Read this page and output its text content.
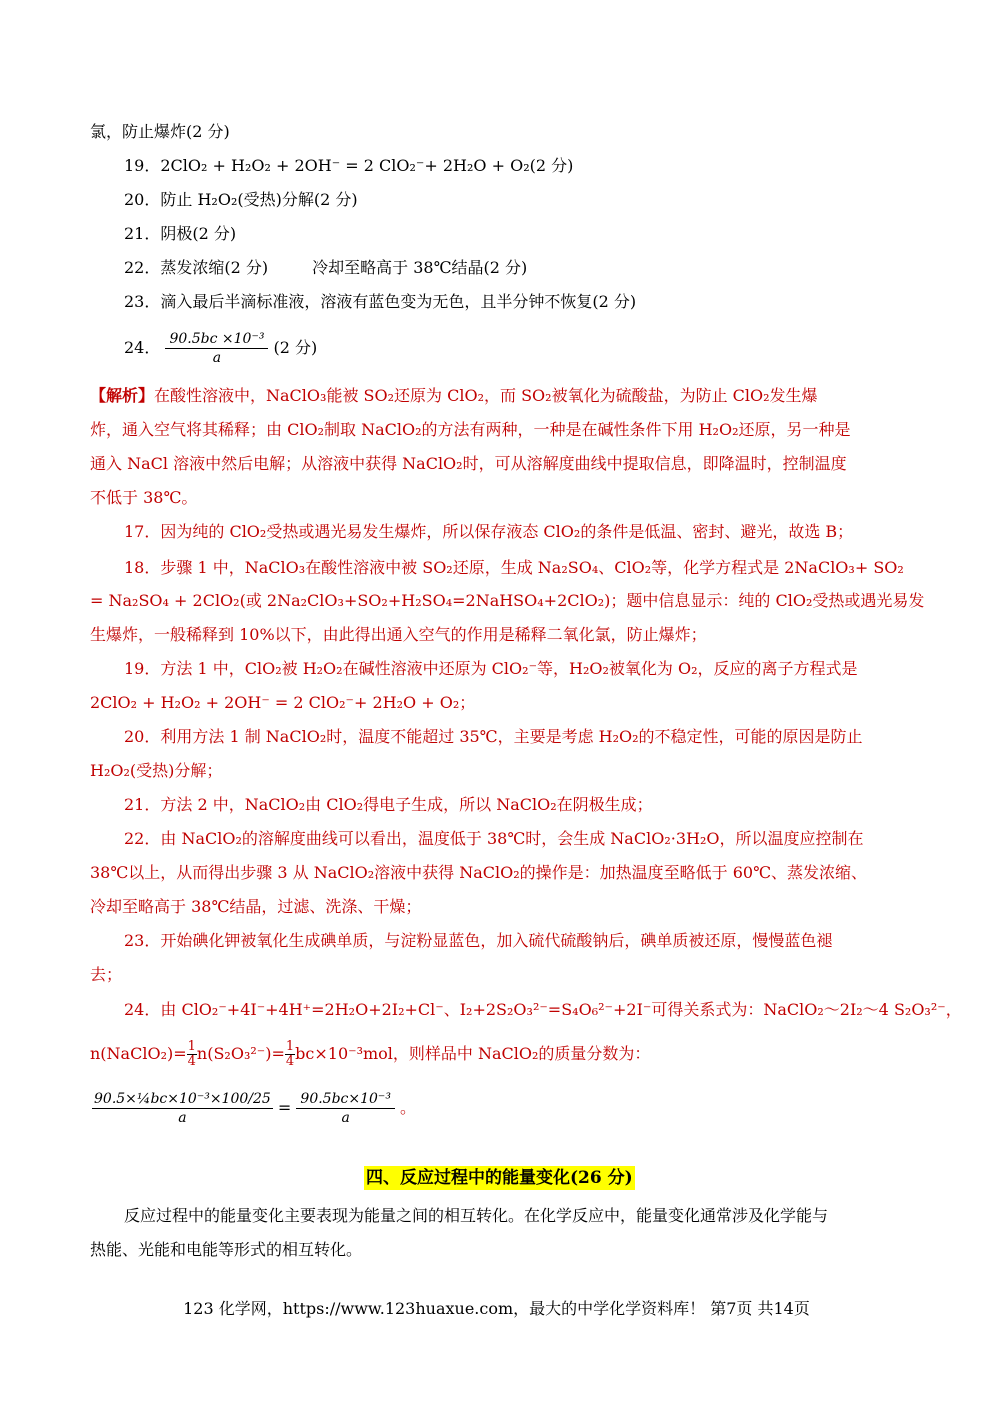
氯，防止爆炸(2 分)
19．2ClO₂ + H₂O₂ + 2OH⁻ = 2 ClO₂⁻+ 2H₂O + O₂(2 分)
20．防止 H₂O₂(受热)分解(2 分)
21．阴极(2 分)
22．蒸发浓缩(2 分)	冷却至略高于 38℃结晶(2 分)
23．滴入最后半滴标准液，溶液有蓝色变为无色，且半分钟不恢复(2 分)
24． $\frac{\text{90.5bc ×10⁻³}}{a} (2$ 分)
【解析】在酸性溶液中，NaClO₃能被 SO₂还原为 ClO₂，而 SO₂被氧化为硫酸盐，为防止 ClO₂发生爆
炸，通入空气将其稀释；由 ClO₂制取 NaClO₂的方法有两种，一种是在碱性条件下用 H₂O₂还原，另一种是
通入 NaCl 溶液中然后电解；从溶液中获得 NaClO₂时，可从溶解度曲线中提取信息，即降温时，控制温度
不低于 38℃。
17．因为纯的 ClO₂受热或遇光易发生爆炸，所以保存液态 ClO₂的条件是低温、密封、避光，故选 B；
18．步骤 1 中，NaClO₃在酸性溶液中被 SO₂还原，生成 Na₂SO₄、ClO₂等，化学方程式是 2NaClO₃+ SO₂
= Na₂SO₄ + 2ClO₂(或 2Na₂ClO₃+SO₂+H₂SO₄=2NaHSO₄+2ClO₂)；题中信息显示：纯的 ClO₂受热或遇光易发
生爆炸，一般稀释到 10%以下，由此得出通入空气的作用是稀释二氧化氯，防止爆炸；
19．方法 1 中，ClO₂被 H₂O₂在碱性溶液中还原为 ClO₂⁻等，H₂O₂被氧化为 O₂，反应的离子方程式是
2ClO₂ + H₂O₂ + 2OH⁻ = 2 ClO₂⁻+ 2H₂O + O₂；
20．利用方法 1 制 NaClO₂时，温度不能超过 35℃，主要是考虑 H₂O₂的不稳定性，可能的原因是防止
H₂O₂(受热)分解；
21．方法 2 中，NaClO₂由 ClO₂得电子生成，所以 NaClO₂在阴极生成；
22．由 NaClO₂的溶解度曲线可以看出，温度低于 38℃时，会生成 NaClO₂·3H₂O，所以温度应控制在
38℃以上，从而得出步骤 3 从 NaClO₂溶液中获得 NaClO₂的操作是：加热温度至略低于 60℃、蒸发浓缩、
冷却至略高于 38℃结晶，过滤、洗涤、干燥；
23．开始碘化钾被氧化生成碘单质，与淀粉显蓝色，加入硫代硫酸钠后，碘单质被还原，慢慢蓝色褪
去；
24．由 ClO₂⁻+4I⁻+4H⁺=2H₂O+2I₂+Cl⁻、I₂+2S₂O₃²⁻=S₄O₆²⁻+2I⁻可得关系式为：NaClO₂～2I₂～4 S₂O₃²⁻，
n(NaClO₂)= $\frac{1}{4} n(S_2O_3^{2-})= \frac{1}{4} bc\times 10^{-3}mol$，则样品中 NaClO₂的质量分数为：
$\frac{\text{90.5×¼bc×10⁻³×100/25}}{a} = \frac{\text{90.5bc×10⁻³}}{a}$ 。
四、反应过程中的能量变化(26 分)
反应过程中的能量变化主要表现为能量之间的相互转化。在化学反应中，能量变化通常涉及化学能与
热能、光能和电能等形式的相互转化。
123 化学网，https://www.123huaxue.com，最大的中学化学资料库！ 第7页 共14页
